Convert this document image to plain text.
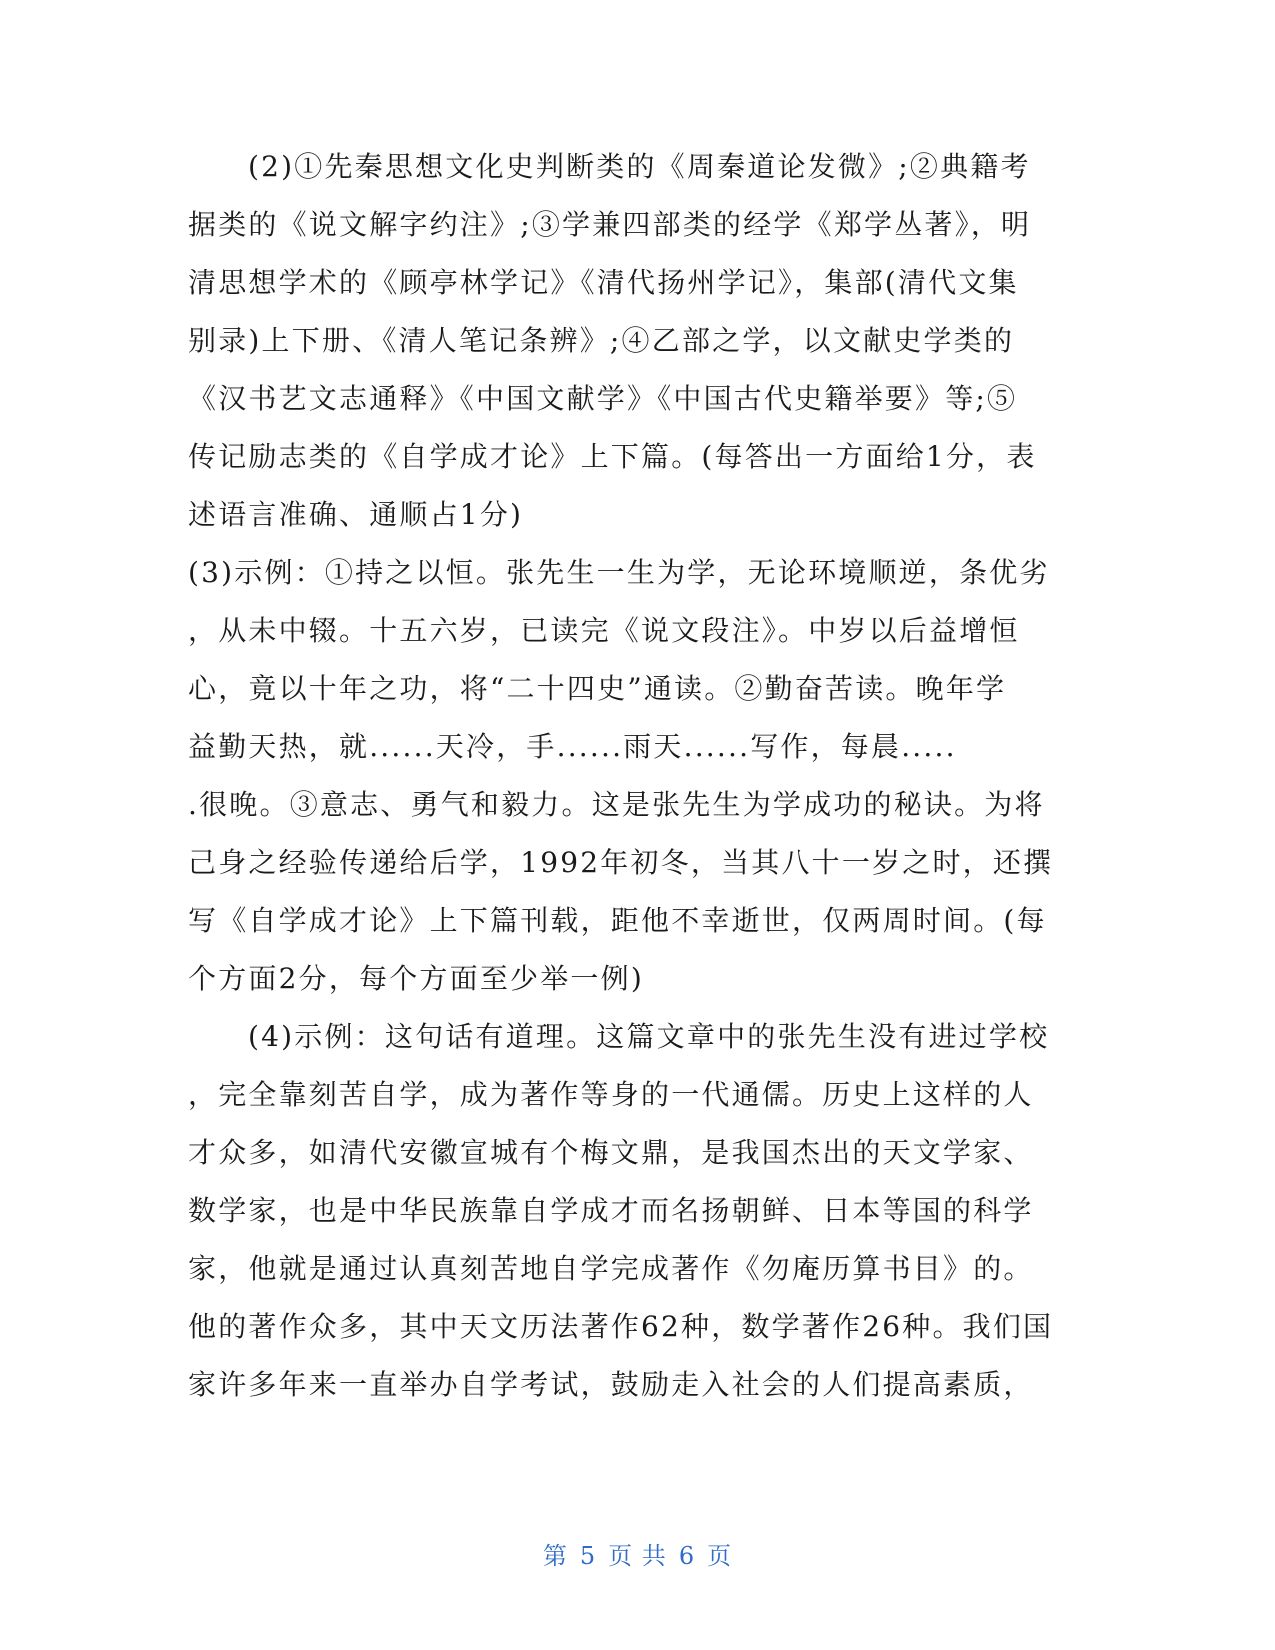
(2)①先秦思想文化史判断类的《周秦道论发微》;②典籍考
据类的《说文解字约注》;③学兼四部类的经学《郑学丛著》，明
清思想学术的《顾亭林学记》《清代扬州学记》，集部(清代文集
别录)上下册、《清人笔记条辨》;④乙部之学，以文献史学类的
《汉书艺文志通释》《中国文献学》《中国古代史籍举要》等;⑤
传记励志类的《自学成才论》上下篇。(每答出一方面给1分，表
述语言准确、通顺占1分)
(3)示例：①持之以恒。张先生一生为学，无论环境顺逆，条优劣
，从未中辍。十五六岁，已读完《说文段注》。中岁以后益增恒
心，竟以十年之功，将“二十四史”通读。②勤奋苦读。晚年学
益勤天热，就......天冷，手......雨天......写作，每晨.....
.很晚。③意志、勇气和毅力。这是张先生为学成功的秘诀。为将
己身之经验传递给后学，1992年初冬，当其八十一岁之时，还撰
写《自学成才论》上下篇刊载，距他不幸逝世，仅两周时间。(每
个方面2分，每个方面至少举一例)
(4)示例：这句话有道理。这篇文章中的张先生没有进过学校
，完全靠刻苦自学，成为著作等身的一代通儒。历史上这样的人
才众多，如清代安徽宣城有个梅文鼎，是我国杰出的天文学家、
数学家，也是中华民族靠自学成才而名扬朝鲜、日本等国的科学
家，他就是通过认真刻苦地自学完成著作《勿庵历算书目》的。
他的著作众多，其中天文历法著作62种，数学著作26种。我们国
家许多年来一直举办自学考试，鼓励走入社会的人们提高素质，
第 5 页 共 6 页
